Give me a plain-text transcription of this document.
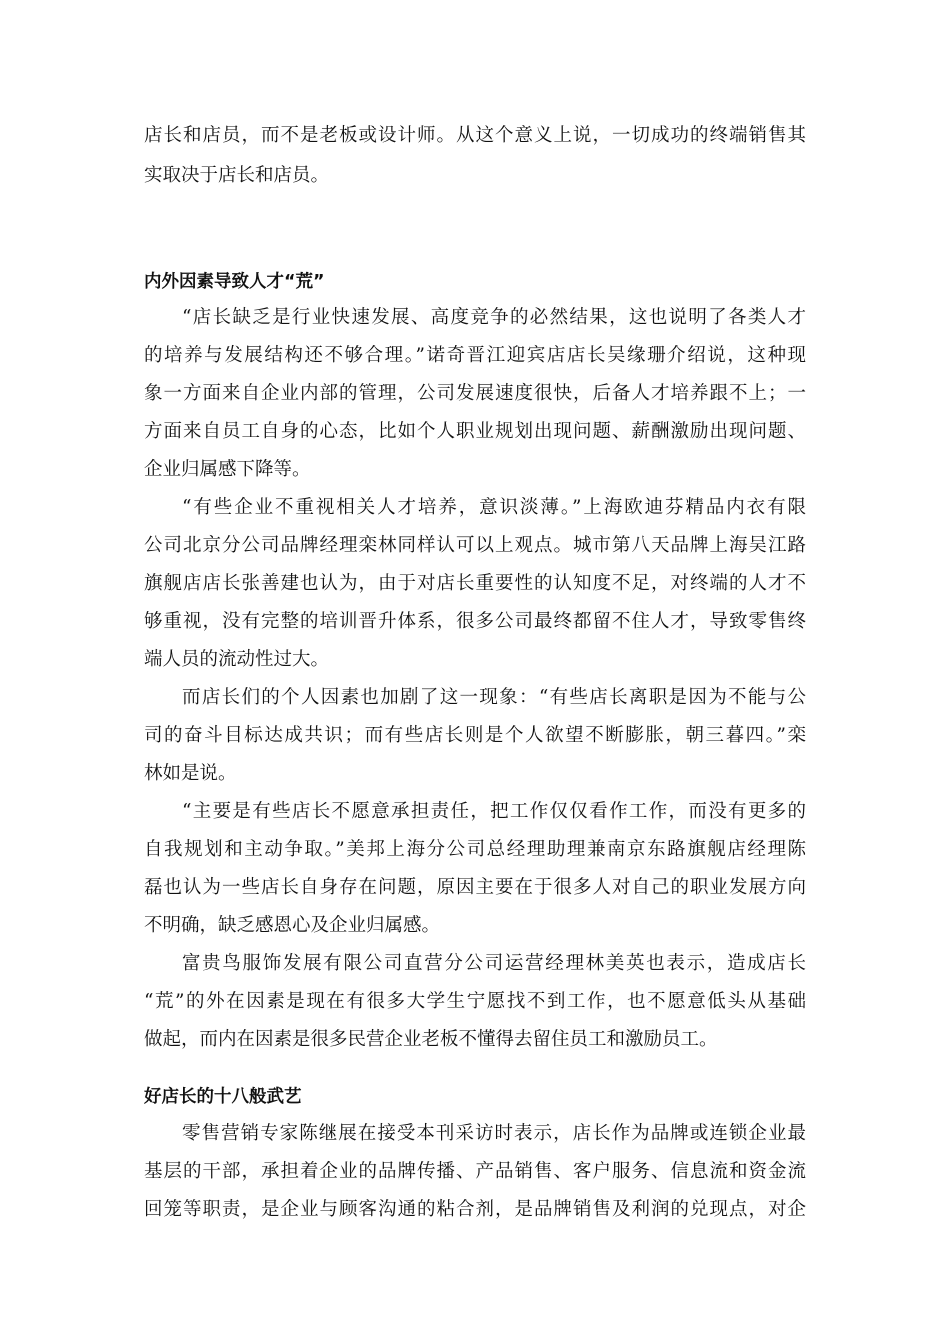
店长和店员，而不是老板或设计师。从这个意义上说，一切成功的终端销售其
实取决于店长和店员。
内外因素导致人才“荒”
“店长缺乏是行业快速发展、高度竞争的必然结果，这也说明了各类人才
的培养与发展结构还不够合理。”诺奇晋江迎宾店店长吴缘珊介绍说，这种现
象一方面来自企业内部的管理，公司发展速度很快，后备人才培养跟不上；一
方面来自员工自身的心态，比如个人职业规划出现问题、薪酬激励出现问题、
企业归属感下降等。
“有些企业不重视相关人才培养，意识淡薄。”上海欧迪芬精品内衣有限
公司北京分公司品牌经理栾林同样认可以上观点。城市第八天品牌上海吴江路
旗舰店店长张善建也认为，由于对店长重要性的认知度不足，对终端的人才不
够重视，没有完整的培训晋升体系，很多公司最终都留不住人才，导致零售终
端人员的流动性过大。
而店长们的个人因素也加剧了这一现象：“有些店长离职是因为不能与公
司的奋斗目标达成共识；而有些店长则是个人欲望不断膨胀，朝三暮四。”栾
林如是说。
“主要是有些店长不愿意承担责任，把工作仅仅看作工作，而没有更多的
自我规划和主动争取。”美邦上海分公司总经理助理兼南京东路旗舰店经理陈
磊也认为一些店长自身存在问题，原因主要在于很多人对自己的职业发展方向
不明确，缺乏感恩心及企业归属感。
富贵鸟服饰发展有限公司直营分公司运营经理林美英也表示，造成店长
“荒”的外在因素是现在有很多大学生宁愿找不到工作，也不愿意低头从基础
做起，而内在因素是很多民营企业老板不懂得去留住员工和激励员工。
好店长的十八般武艺
零售营销专家陈继展在接受本刊采访时表示，店长作为品牌或连锁企业最
基层的干部，承担着企业的品牌传播、产品销售、客户服务、信息流和资金流
回笼等职责，是企业与顾客沟通的粘合剂，是品牌销售及利润的兑现点，对企
